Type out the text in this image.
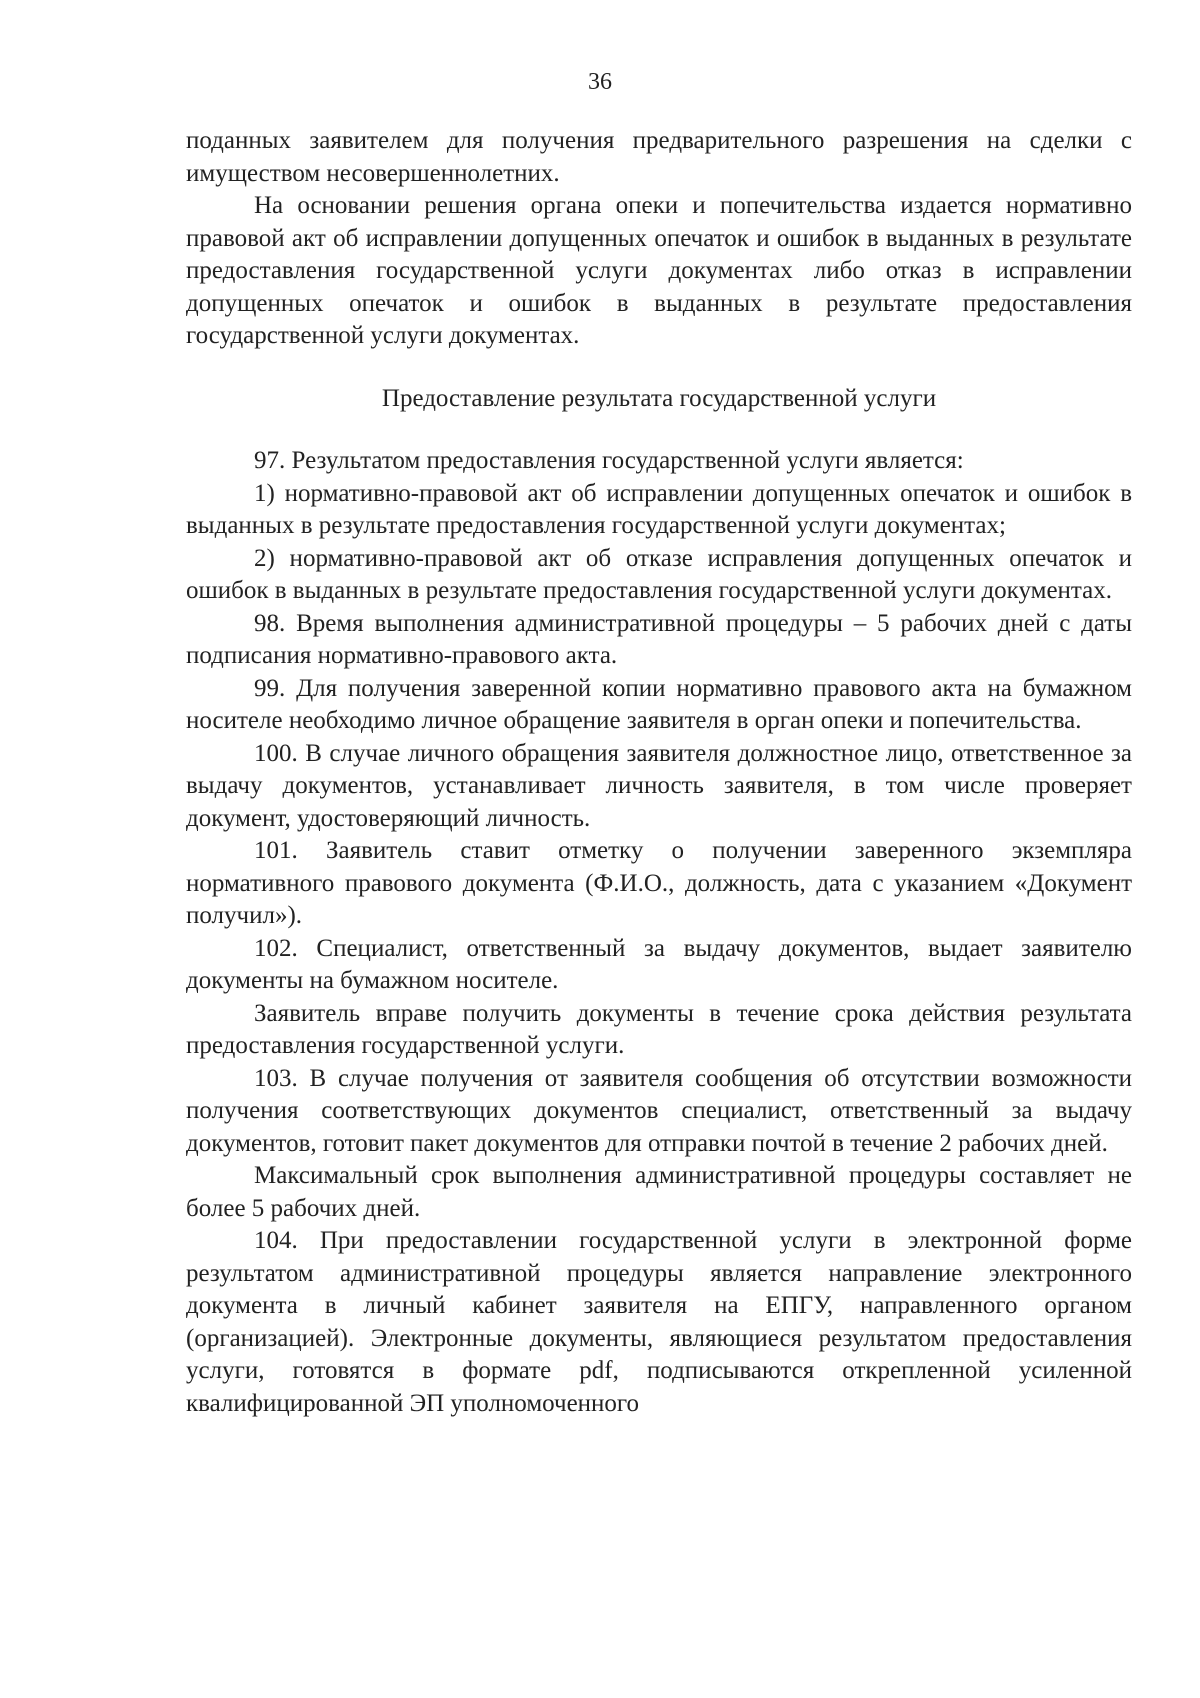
36

поданных заявителем для получения предварительного разрешения на сделки с имуществом несовершеннолетних.

На основании решения органа опеки и попечительства издается нормативно правовой акт об исправлении допущенных опечаток и ошибок в выданных в результате предоставления государственной услуги документах либо отказ в исправлении допущенных опечаток и ошибок в выданных в результате предоставления государственной услуги документах.

Предоставление результата государственной услуги

97. Результатом предоставления государственной услуги является:

1) нормативно-правовой акт об исправлении допущенных опечаток и ошибок в выданных в результате предоставления государственной услуги документах;

2) нормативно-правовой акт об отказе исправления допущенных опечаток и ошибок в выданных в результате предоставления государственной услуги документах.

98. Время выполнения административной процедуры – 5 рабочих дней с даты подписания нормативно-правового акта.

99. Для получения заверенной копии нормативно правового акта на бумажном носителе необходимо личное обращение заявителя в орган опеки и попечительства.

100. В случае личного обращения заявителя должностное лицо, ответственное за выдачу документов, устанавливает личность заявителя, в том числе проверяет документ, удостоверяющий личность.

101. Заявитель ставит отметку о получении заверенного экземпляра нормативного правового документа (Ф.И.О., должность, дата с указанием «Документ получил»).

102. Специалист, ответственный за выдачу документов, выдает заявителю документы на бумажном носителе.

Заявитель вправе получить документы в течение срока действия результата предоставления государственной услуги.

103. В случае получения от заявителя сообщения об отсутствии возможности получения соответствующих документов специалист, ответственный за выдачу документов, готовит пакет документов для отправки почтой в течение 2 рабочих дней.

Максимальный срок выполнения административной процедуры составляет не более 5 рабочих дней.

104. При предоставлении государственной услуги в электронной форме результатом административной процедуры является направление электронного документа в личный кабинет заявителя на ЕПГУ, направленного органом (организацией). Электронные документы, являющиеся результатом предоставления услуги, готовятся в формате pdf, подписываются открепленной усиленной квалифицированной ЭП уполномоченного
